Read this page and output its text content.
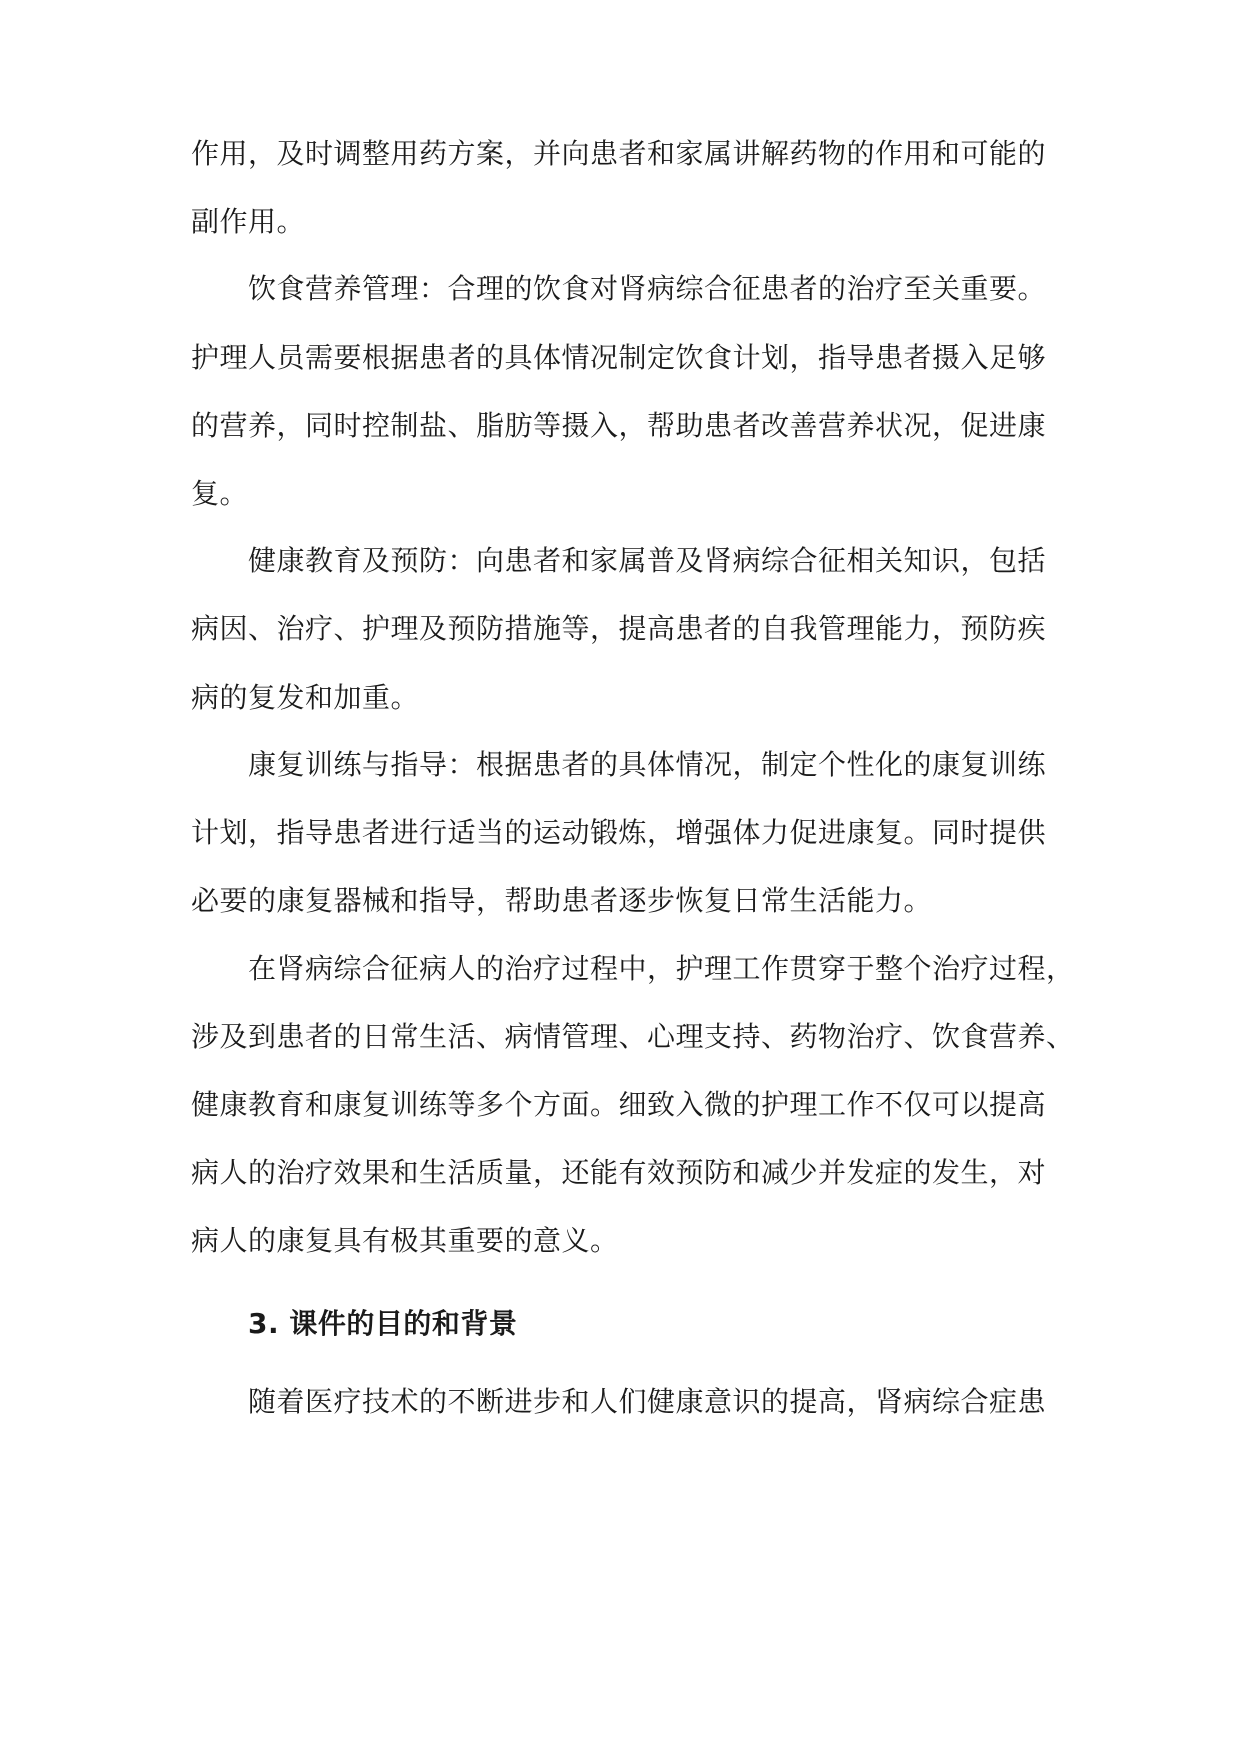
作用，及时调整用药方案，并向患者和家属讲解药物的作用和可能的
副作用。
饮食营养管理：合理的饮食对肾病综合征患者的治疗至关重要。
护理人员需要根据患者的具体情况制定饮食计划，指导患者摄入足够
的营养，同时控制盐、脂肪等摄入，帮助患者改善营养状况，促进康
复。
健康教育及预防：向患者和家属普及肾病综合征相关知识，包括
病因、治疗、护理及预防措施等，提高患者的自我管理能力，预防疾
病的复发和加重。
康复训练与指导：根据患者的具体情况，制定个性化的康复训练
计划，指导患者进行适当的运动锻炼，增强体力促进康复。同时提供
必要的康复器械和指导，帮助患者逐步恢复日常生活能力。
在肾病综合征病人的治疗过程中，护理工作贯穿于整个治疗过程，
涉及到患者的日常生活、病情管理、心理支持、药物治疗、饮食营养、
健康教育和康复训练等多个方面。细致入微的护理工作不仅可以提高
病人的治疗效果和生活质量，还能有效预防和减少并发症的发生，对
病人的康复具有极其重要的意义。
3. 课件的目的和背景
随着医疗技术的不断进步和人们健康意识的提高，肾病综合症患
